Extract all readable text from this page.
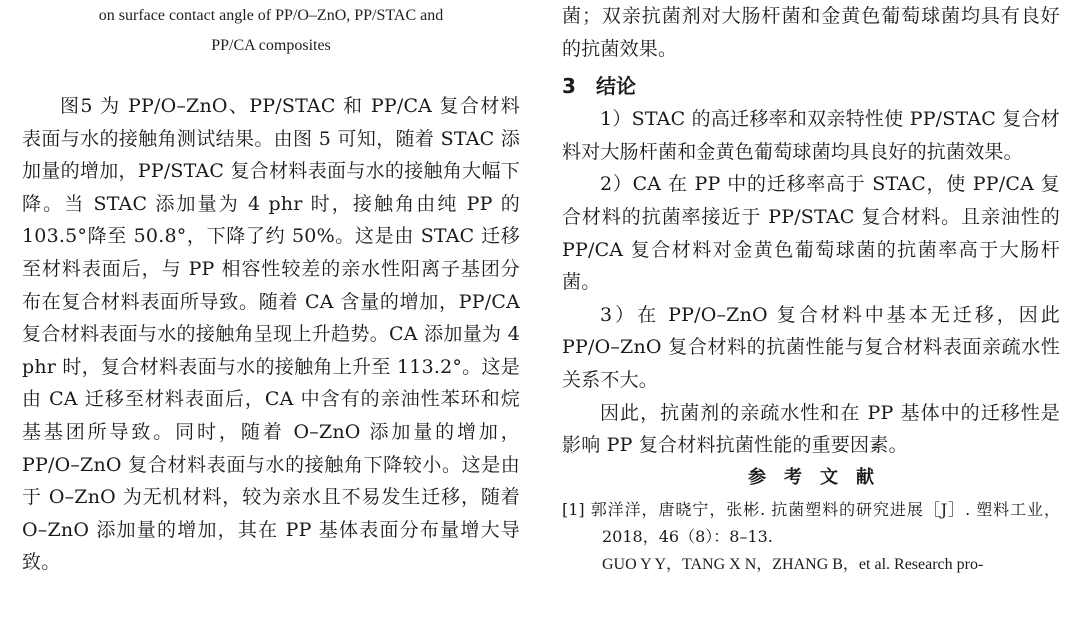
on surface contact angle of PP/O–ZnO, PP/STAC and

PP/CA composites

图5 为 PP/O–ZnO、PP/STAC 和 PP/CA 复合材料表面与水的接触角测试结果。由图 5 可知，随着 STAC 添加量的增加，PP/STAC 复合材料表面与水的接触角大幅下降。当 STAC 添加量为 4 phr 时，接触角由纯 PP 的 103.5°降至 50.8°，下降了约 50%。这是由 STAC 迁移至材料表面后，与 PP 相容性较差的亲水性阳离子基团分布在复合材料表面所导致。随着 CA 含量的增加，PP/CA 复合材料表面与水的接触角呈现上升趋势。CA 添加量为 4 phr 时，复合材料表面与水的接触角上升至 113.2°。这是由 CA 迁移至材料表面后，CA 中含有的亲油性苯环和烷基基团所导致。同时，随着 O–ZnO 添加量的增加，PP/O–ZnO 复合材料表面与水的接触角下降较小。这是由于 O–ZnO 为无机材料，较为亲水且不易发生迁移，随着 O–ZnO 添加量的增加，其在 PP 基体表面分布量增大导致。

菌；双亲抗菌剂对大肠杆菌和金黄色葡萄球菌均具有良好的抗菌效果。

3 结论

1）STAC 的高迁移率和双亲特性使 PP/STAC 复合材料对大肠杆菌和金黄色葡萄球菌均具良好的抗菌效果。

2）CA 在 PP 中的迁移率高于 STAC，使 PP/CA 复合材料的抗菌率接近于 PP/STAC 复合材料。且亲油性的 PP/CA 复合材料对金黄色葡萄球菌的抗菌率高于大肠杆菌。

3）在 PP/O–ZnO 复合材料中基本无迁移，因此 PP/O–ZnO 复合材料的抗菌性能与复合材料表面亲疏水性关系不大。

因此，抗菌剂的亲疏水性和在 PP 基体中的迁移性是影响 PP 复合材料抗菌性能的重要因素。

参考文献

[1] 郭洋洋，唐晓宁，张彬. 抗菌塑料的研究进展［J］. 塑料工业，2018，46（8）：8–13.

GUO Y Y，TANG X N，ZHANG B，et al. Research pro-
